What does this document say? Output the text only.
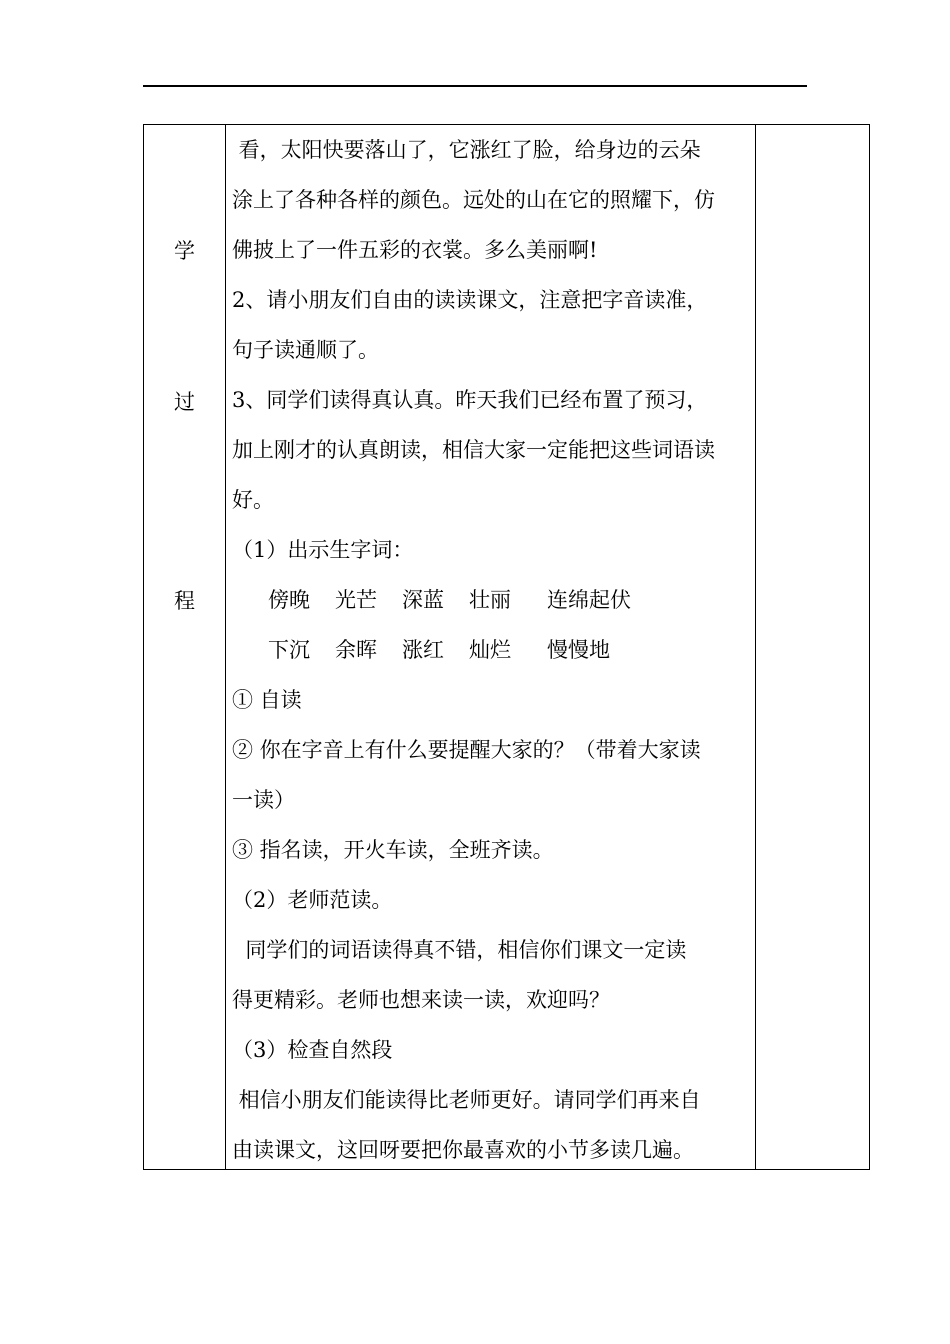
学
过
程
看，太阳快要落山了，它涨红了脸，给身边的云朵
涂上了各种各样的颜色。远处的山在它的照耀下，仿
佛披上了一件五彩的衣裳。多么美丽啊!
2、请小朋友们自由的读读课文，注意把字音读准，
句子读通顺了。
3、同学们读得真认真。昨天我们已经布置了预习，
加上刚才的认真朗读，相信大家一定能把这些词语读
好。
（1）出示生字词：
傍晚 光芒 深蓝 壮丽 连绵起伏
下沉 余晖 涨红 灿烂 慢慢地
① 自读
② 你在字音上有什么要提醒大家的？（带着大家读
一读）
③ 指名读，开火车读，全班齐读。
（2）老师范读。
同学们的词语读得真不错，相信你们课文一定读
得更精彩。老师也想来读一读，欢迎吗？
（3）检查自然段
相信小朋友们能读得比老师更好。请同学们再来自
由读课文，这回呀要把你最喜欢的小节多读几遍。
